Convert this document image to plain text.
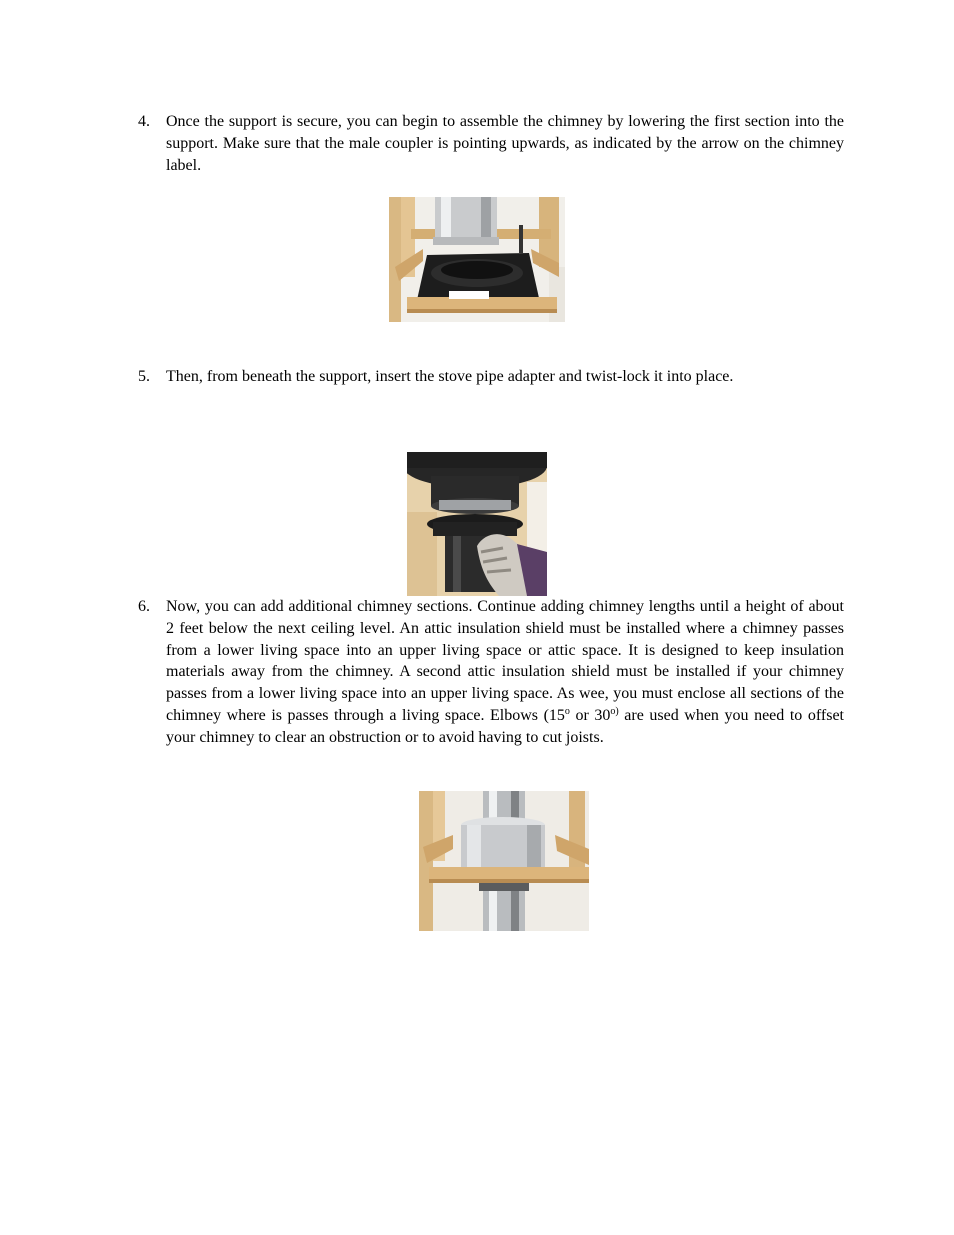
4. Once the support is secure, you can begin to assemble the chimney by lowering the first section into the support. Make sure that the male coupler is pointing upwards, as indicated by the arrow on the chimney label.
5. Then, from beneath the support, insert the stove pipe adapter and twist-lock it into place.
6. Now, you can add additional chimney sections. Continue adding chimney lengths until a height of about 2 feet below the next ceiling level. An attic insulation shield must be installed where a chimney passes from a lower living space into an upper living space or attic space. It is designed to keep insulation materials away from the chimney. A second attic insulation shield must be installed if your chimney passes from a lower living space into an upper living space. As wee, you must enclose all sections of the chimney where is passes through a living space. Elbows (15$^o$ or 30$^{o)}$ are used when you need to offset your chimney to clear an obstruction or to avoid having to cut joists.
